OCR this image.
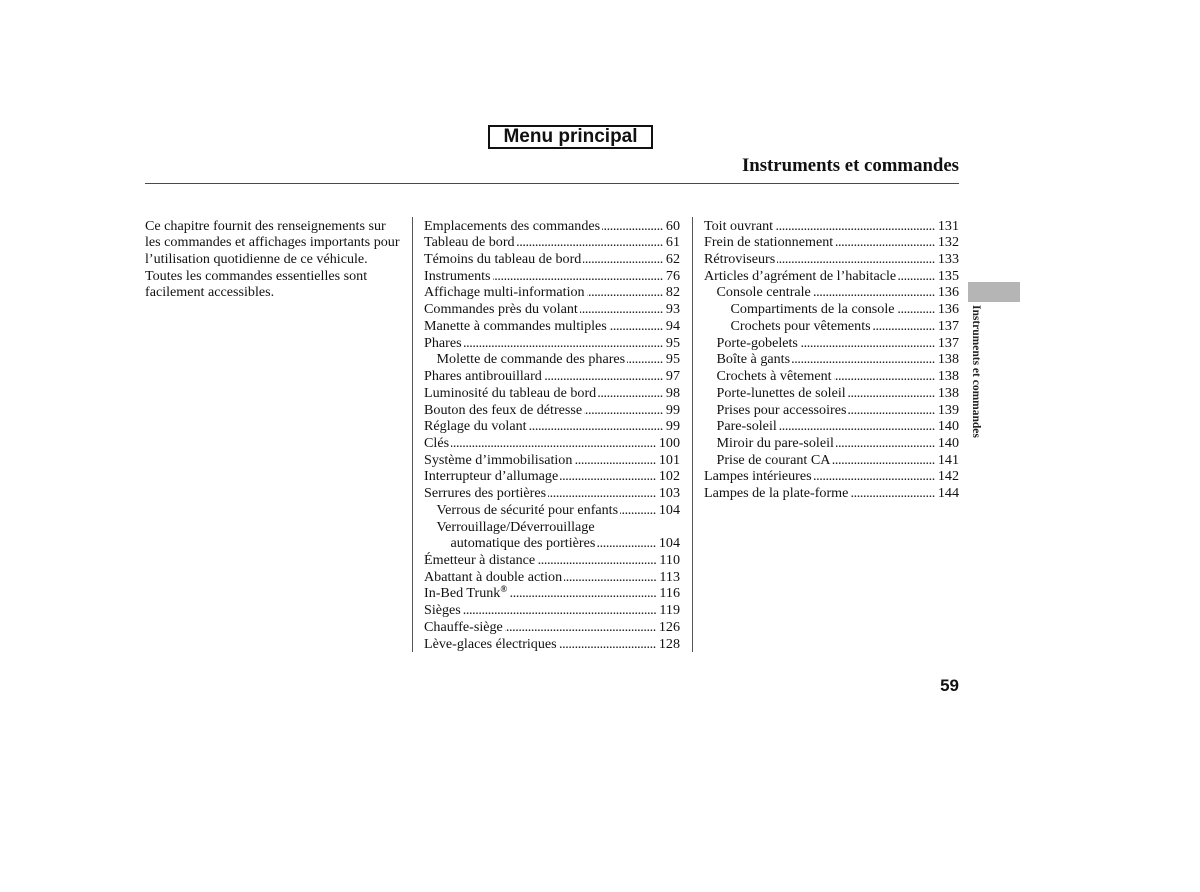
Menu principal
Instruments et commandes
Ce chapitre fournit des renseignements sur
les commandes et affichages importants pour
l’utilisation quotidienne de ce véhicule.
Toutes les commandes essentielles sont
facilement accessibles.
Emplacements des commandes .....	60
Tableau de bord .....	61
Témoins du tableau de bord .....	62
Instruments .....	76
Affichage multi-information .....	82
Commandes près du volant .....	93
Manette à commandes multiples .....	94
Phares .....	95
Molette de commande des phares .....	95
Phares antibrouillard .....	97
Luminosité du tableau de bord .....	98
Bouton des feux de détresse .....	99
Réglage du volant .....	99
Clés .....	100
Système d’immobilisation .....	101
Interrupteur d’allumage .....	102
Serrures des portières .....	103
Verrous de sécurité pour enfants .....	104
Verrouillage/Déverrouillage
automatique des portières .....	104
Émetteur à distance .....	110
Abattant à double action .....	113
In-Bed Trunk® .....	116
Sièges .....	119
Chauffe-siège .....	126
Lève-glaces électriques .....	128
Toit ouvrant .....	131
Frein de stationnement .....	132
Rétroviseurs .....	133
Articles d’agrément de l’habitacle .....	135
Console centrale .....	136
Compartiments de la console .....	136
Crochets pour vêtements .....	137
Porte-gobelets .....	137
Boîte à gants .....	138
Crochets à vêtement .....	138
Porte-lunettes de soleil .....	138
Prises pour accessoires .....	139
Pare-soleil .....	140
Miroir du pare-soleil .....	140
Prise de courant CA .....	141
Lampes intérieures .....	142
Lampes de la plate-forme .....	144
Instruments et commandes
59
